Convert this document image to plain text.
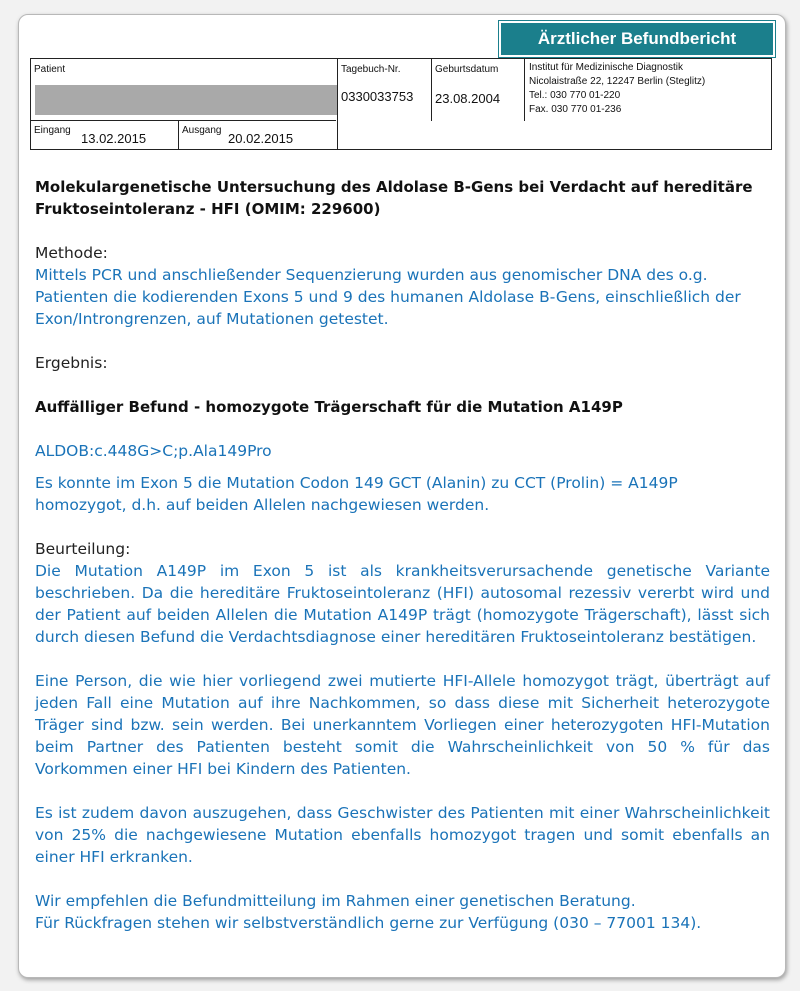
Ärztlicher Befundbericht
Patient	Tagebuch-Nr.
0330033753
Geburtsdatum
23.08.2004
Institut für Medizinische Diagnostik
Nicolaistraße 22, 12247 Berlin (Steglitz)
Tel.: 030 770 01-220
Fax. 030 770 01-236
Eingang
13.02.2015
Ausgang
20.02.2015

Molekulargenetische Untersuchung des Aldolase B-Gens bei Verdacht auf hereditäre Fruktoseintoleranz - HFI (OMIM: 229600)

Methode:

Mittels PCR und anschließender Sequenzierung wurden aus genomischer DNA des o.g. Patienten die kodierenden Exons 5 und 9 des humanen Aldolase B-Gens, einschließlich der Exon/Introngrenzen, auf Mutationen getestet.

Ergebnis:
Auffälliger Befund - homozygote Trägerschaft für die Mutation A149P
ALDOB:c.448G>C;p.Ala149Pro

Es konnte im Exon 5 die Mutation Codon 149 GCT (Alanin) zu CCT (Prolin) = A149P homozygot, d.h. auf beiden Allelen nachgewiesen werden.

Beurteilung:

Die Mutation A149P im Exon 5 ist als krankheitsverursachende genetische Variante beschrieben. Da die hereditäre Fruktoseintoleranz (HFI) autosomal rezessiv vererbt wird und der Patient auf beiden Allelen die Mutation A149P trägt (homozygote Trägerschaft), lässt sich durch diesen Befund die Verdachtsdiagnose einer hereditären Fruktoseintoleranz bestätigen.

Eine Person, die wie hier vorliegend zwei mutierte HFI-Allele homozygot trägt, überträgt auf jeden Fall eine Mutation auf ihre Nachkommen, so dass diese mit Sicherheit heterozygote Träger sind bzw. sein werden. Bei unerkanntem Vorliegen einer heterozygoten HFI-Mutation beim Partner des Patienten besteht somit die Wahrscheinlichkeit von 50 % für das Vorkommen einer HFI bei Kindern des Patienten.

Es ist zudem davon auszugehen, dass Geschwister des Patienten mit einer Wahrscheinlichkeit von 25% die nachgewiesene Mutation ebenfalls homozygot tragen und somit ebenfalls an einer HFI erkranken.

Wir empfehlen die Befundmitteilung im Rahmen einer genetischen Beratung.

Für Rückfragen stehen wir selbstverständlich gerne zur Verfügung (030 – 77001 134).
